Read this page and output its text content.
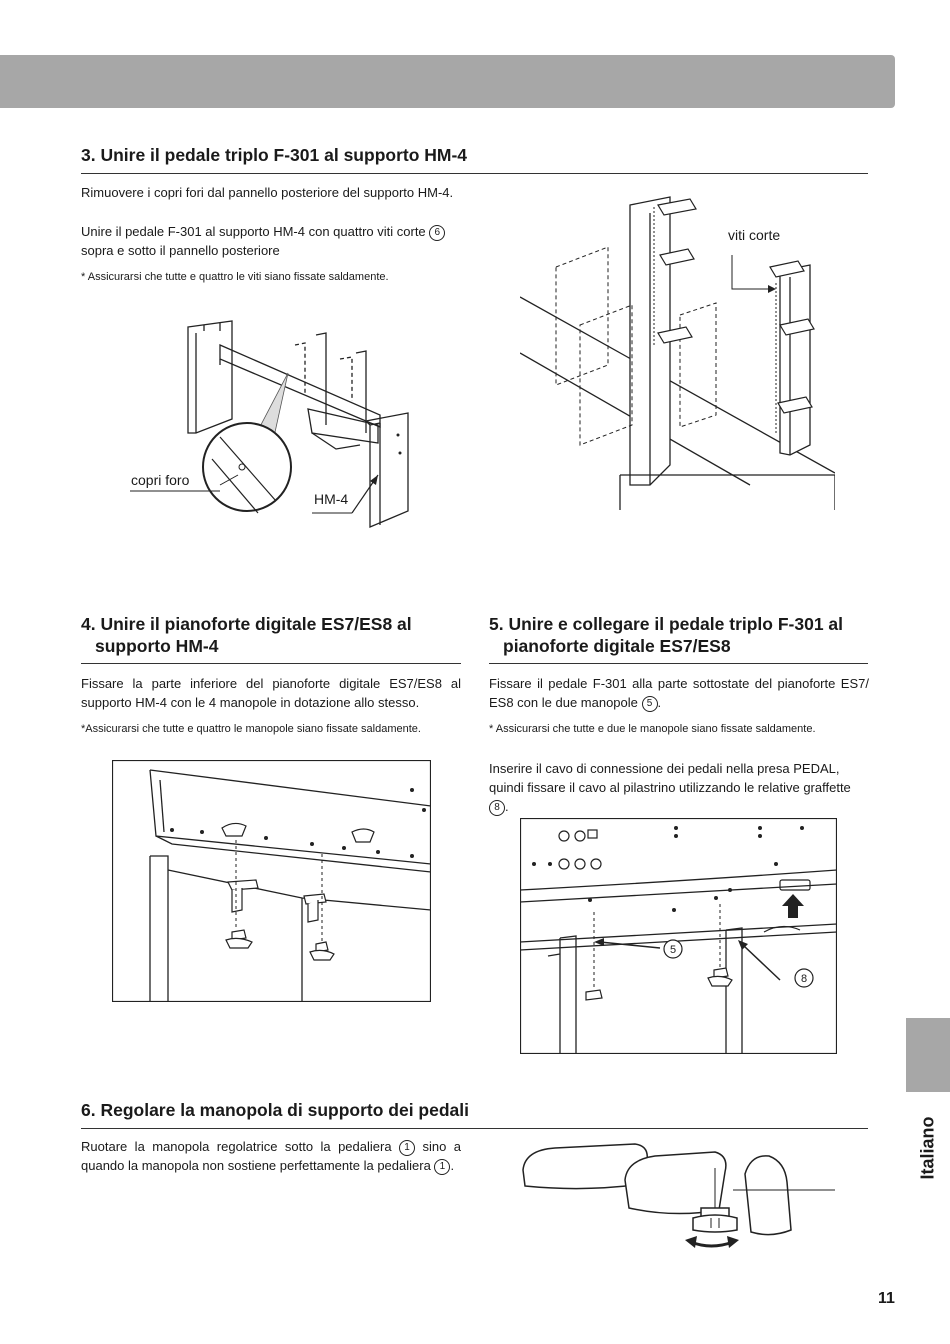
Italiano
3. Unire il pedale triplo F-301 al supporto HM-4

Rimuovere i copri fori dal pannello posteriore del supporto HM-4.

Unire il pedale F-301 al supporto HM-4 con quattro viti corte 6
sopra e sotto il pannello posteriore

* Assicurarsi che tutte e quattro le viti siano fissate saldamente.

copri foro

HM-4

viti corte

4. Unire il pianoforte digitale ES7/ES8 al
supporto HM-4

Fissare la parte inferiore del pianoforte digitale ES7/ES8 al supporto HM-4 con le 4 manopole in dotazione allo stesso.

*Assicurarsi che tutte e quattro le manopole siano fissate saldamente.

5. Unire e collegare il pedale triplo F-301 al
pianoforte digitale ES7/ES8

Fissare il pedale F-301 alla parte sottostate del pianoforte ES7/ ES8 con le due manopole 5 .

* Assicurarsi che tutte e due le manopole siano fissate saldamente.

Inserire il cavo di connessione dei pedali nella presa PEDAL, quindi fissare il cavo al pilastrino utilizzando le relative graffette 8 .

5
8
6. Regolare la manopola di supporto dei pedali

Ruotare la manopola regolatrice sotto la pedaliera 1 sino a quando la manopola non sostiene perfettamente la pedaliera 1 .

11
